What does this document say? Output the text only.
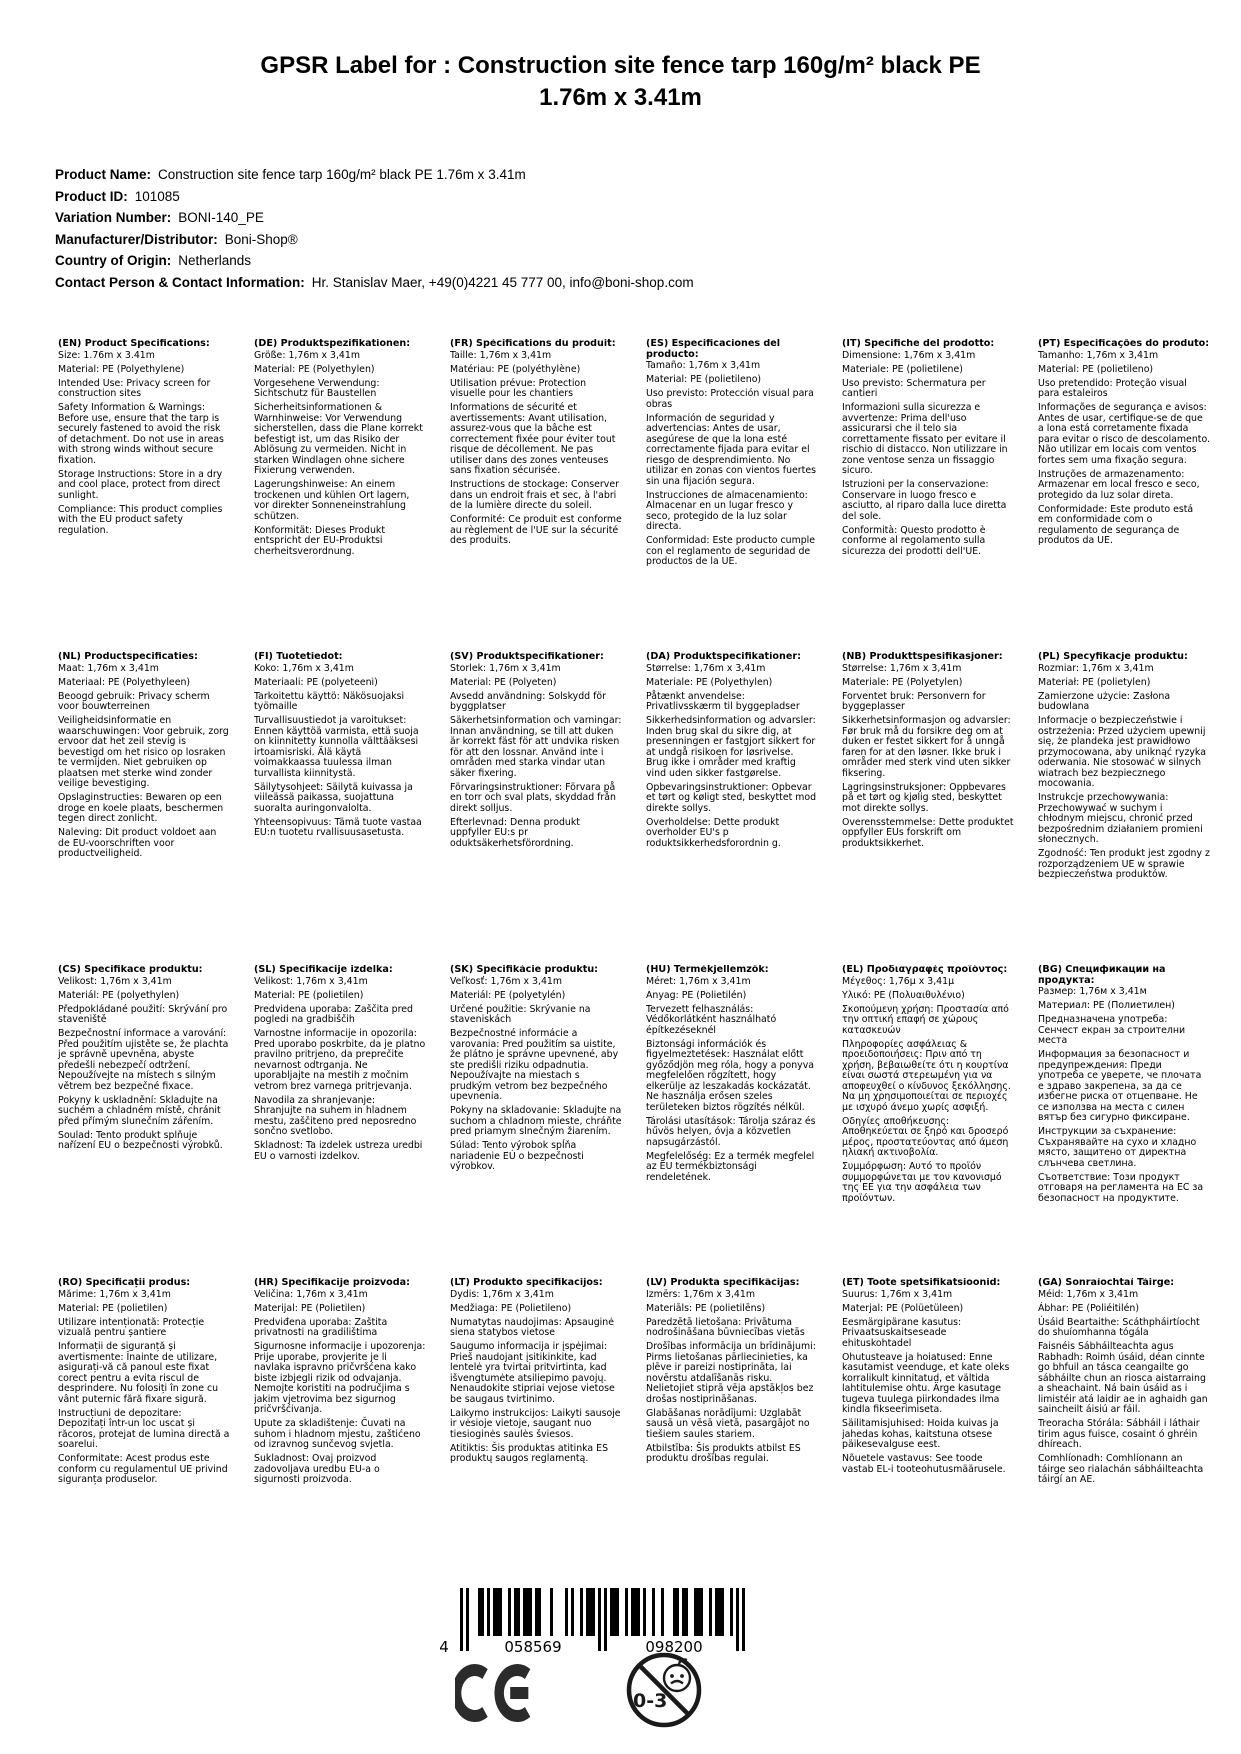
GPSR Label for : Construction site fence tarp 160g/m² black PE
1.76m x 3.41m
Product Name: Construction site fence tarp 160g/m² black PE 1.76m x 3.41m
Product ID: 101085
Variation Number: BONI-140_PE
Manufacturer/Distributor: Boni-Shop®
Country of Origin: Netherlands
Contact Person & Contact Information: Hr. Stanislav Maer, +49(0)4221 45 777 00, info@boni-shop.com

(EN) Product Specifications:

Size: 1.76m x 3.41m

Material: PE (Polyethylene)

Intended Use: Privacy screen for construction sites

Safety Information & Warnings: Before use, ensure that the tarp is securely fastened to avoid the risk of detachment. Do not use in areas with strong winds without secure fixation.

Storage Instructions: Store in a dry and cool place, protect from direct sunlight.

Compliance: This product complies with the EU product safety regulation.

(DE) Produktspezifikationen:

Größe: 1,76m x 3,41m

Material: PE (Polyethylen)

Vorgesehene Verwendung: Sichtschutz für Baustellen

Sicherheitsinformationen & Warnhinweise: Vor Verwendung sicherstellen, dass die Plane korrekt befestigt ist, um das Risiko der Ablösung zu vermeiden. Nicht in starken Windlagen ohne sichere Fixierung verwenden.

Lagerungshinweise: An einem trockenen und kühlen Ort lagern, vor direkter Sonneneinstrahlung schützen.

Konformität: Dieses Produkt entspricht der EU-Produktsi cherheitsverordnung.

(FR) Spécifications du produit:

Taille: 1,76m x 3,41m

Matériau: PE (polyéthylène)

Utilisation prévue: Protection visuelle pour les chantiers

Informations de sécurité et avertissements: Avant utilisation, assurez-vous que la bâche est correctement fixée pour éviter tout risque de décollement. Ne pas utiliser dans des zones venteuses sans fixation sécurisée.

Instructions de stockage: Conserver dans un endroit frais et sec, à l'abri de la lumière directe du soleil.

Conformité: Ce produit est conforme au règlement de l'UE sur la sécurité des produits.

(ES) Especificaciones del producto:

Tamaño: 1,76m x 3,41m

Material: PE (polietileno)

Uso previsto: Protección visual para obras

Información de seguridad y advertencias: Antes de usar, asegúrese de que la lona esté correctamente fijada para evitar el riesgo de desprendimiento. No utilizar en zonas con vientos fuertes sin una fijación segura.

Instrucciones de almacenamiento: Almacenar en un lugar fresco y seco, protegido de la luz solar directa.

Conformidad: Este producto cumple con el reglamento de seguridad de productos de la UE.

(IT) Specifiche del prodotto:

Dimensione: 1,76m x 3,41m

Materiale: PE (polietilene)

Uso previsto: Schermatura per cantieri

Informazioni sulla sicurezza e avvertenze: Prima dell'uso assicurarsi che il telo sia correttamente fissato per evitare il rischio di distacco. Non utilizzare in zone ventose senza un fissaggio sicuro.

Istruzioni per la conservazione: Conservare in luogo fresco e asciutto, al riparo dalla luce diretta del sole.

Conformità: Questo prodotto è conforme al regolamento sulla sicurezza dei prodotti dell'UE.

(PT) Especificações do produto:

Tamanho: 1,76m x 3,41m

Material: PE (polietileno)

Uso pretendido: Proteção visual para estaleiros

Informações de segurança e avisos: Antes de usar, certifique-se de que a lona está corretamente fixada para evitar o risco de descolamento. Não utilizar em locais com ventos fortes sem uma fixação segura.

Instruções de armazenamento: Armazenar em local fresco e seco, protegido da luz solar direta.

Conformidade: Este produto está em conformidade com o regulamento de segurança de produtos da UE.

(NL) Productspecificaties:

Maat: 1,76m x 3,41m

Materiaal: PE (Polyethyleen)

Beoogd gebruik: Privacy scherm voor bouwterreinen

Veiligheidsinformatie en waarschuwingen: Voor gebruik, zorg ervoor dat het zeil stevig is bevestigd om het risico op losraken te vermijden. Niet gebruiken op plaatsen met sterke wind zonder veilige bevestiging.

Opslaginstructies: Bewaren op een droge en koele plaats, beschermen tegen direct zonlicht.

Naleving: Dit product voldoet aan de EU-voorschriften voor productveiligheid.

(FI) Tuotetiedot:

Koko: 1,76m x 3,41m

Materiaali: PE (polyeteeni)

Tarkoitettu käyttö: Näkösuojaksi työmaille

Turvallisuustiedot ja varoitukset: Ennen käyttöä varmista, että suoja on kiinnitetty kunnolla välttääksesi irtoamisriski. Älä käytä voimakkaassa tuulessa ilman turvallista kiinnitystä.

Säilytysohjeet: Säilytä kuivassa ja viileässä paikassa, suojattuna suoralta auringonvalolta.

Yhteensopivuus: Tämä tuote vastaa EU:n tuotetu rvallisuusasetusta.

(SV) Produktspecifikationer:

Storlek: 1,76m x 3,41m

Material: PE (Polyeten)

Avsedd användning: Solskydd för byggplatser

Säkerhetsinformation och varningar: Innan användning, se till att duken är korrekt fäst för att undvika risken för att den lossnar. Använd inte i områden med starka vindar utan säker fixering.

Förvaringsinstruktioner: Förvara på en torr och sval plats, skyddad från direkt solljus.

Efterlevnad: Denna produkt uppfyller EU:s pr oduktsäkerhetsförordning.

(DA) Produktspecifikationer:

Størrelse: 1,76m x 3,41m

Materiale: PE (Polyethylen)

Påtænkt anvendelse: Privatlivsskærm til byggepladser

Sikkerhedsinformation og advarsler: Inden brug skal du sikre dig, at presenningen er fastgjort sikkert for at undgå risikoen for løsrivelse. Brug ikke i områder med kraftig vind uden sikker fastgørelse.

Opbevaringsinstruktioner: Opbevar et tørt og køligt sted, beskyttet mod direkte sollys.

Overholdelse: Dette produkt overholder EU's p roduktsikkerhedsforordnin g.

(NB) Produkttspesifikasjoner:

Størrelse: 1,76m x 3,41m

Materiale: PE (Polyetylen)

Forventet bruk: Personvern for byggeplasser

Sikkerhetsinformasjon og advarsler: Før bruk må du forsikre deg om at duken er festet sikkert for å unngå faren for at den løsner. Ikke bruk i områder med sterk vind uten sikker fiksering.

Lagringsinstruksjoner: Oppbevares på et tørt og kjølig sted, beskyttet mot direkte sollys.

Overensstemmelse: Dette produktet oppfyller EUs forskrift om produktsikkerhet.

(PL) Specyfikacje produktu:

Rozmiar: 1,76m x 3,41m

Materiał: PE (polietylen)

Zamierzone użycie: Zasłona budowlana

Informacje o bezpieczeństwie i ostrzeżenia: Przed użyciem upewnij się, że plandeka jest prawidłowo przymocowana, aby uniknąć ryzyka oderwania. Nie stosować w silnych wiatrach bez bezpiecznego mocowania.

Instrukcje przechowywania: Przechowywać w suchym i chłodnym miejscu, chronić przed bezpośrednim działaniem promieni słonecznych.

Zgodność: Ten produkt jest zgodny z rozporządzeniem UE w sprawie bezpieczeństwa produktów.

(CS) Specifikace produktu:

Velikost: 1,76m x 3,41m

Materiál: PE (polyethylen)

Předpokládané použití: Skrývání pro staveniště

Bezpečnostní informace a varování: Před použitím ujistěte se, že plachta je správně upevněna, abyste předešli nebezpečí odtržení. Nepoužívejte na místech s silným větrem bez bezpečné fixace.

Pokyny k uskladnění: Skladujte na suchém a chladném místě, chránit před přímým slunečním zářením.

Soulad: Tento produkt splňuje nařízení EU o bezpečnosti výrobků.

(SL) Specifikacije izdelka:

Velikost: 1,76m x 3,41m

Material: PE (polietilen)

Predvidena uporaba: Zaščita pred pogledi na gradbiščih

Varnostne informacije in opozorila: Pred uporabo poskrbite, da je platno pravilno pritrjeno, da preprečite nevarnost odtrganja. Ne uporabljajte na mestih z močnim vetrom brez varnega pritrjevanja.

Navodila za shranjevanje: Shranjujte na suhem in hladnem mestu, zaščiteno pred neposredno sončno svetlobo.

Skladnost: Ta izdelek ustreza uredbi EU o varnosti izdelkov.

(SK) Špecifikácie produktu:

Veľkosť: 1,76m x 3,41m

Materiál: PE (polyetylén)

Určené použitie: Skrývanie na staveniskách

Bezpečnostné informácie a varovania: Pred použitím sa uistite, že plátno je správne upevnené, aby ste predišli riziku odpadnutia. Nepoužívajte na miestach s prudkým vetrom bez bezpečného upevnenia.

Pokyny na skladovanie: Skladujte na suchom a chladnom mieste, chráňte pred priamym slnečným žiarením.

Súlad: Tento výrobok spĺňa nariadenie EÚ o bezpečnosti výrobkov.

(HU) Termékjellemzők:

Méret: 1,76m x 3,41m

Anyag: PE (Polietilén)

Tervezett felhasználás: Védőkorlátként használható építkezéseknél

Biztonsági információk és figyelmeztetések: Használat előtt győződjön meg róla, hogy a ponyva megfelelően rögzített, hogy elkerülje az leszakadás kockázatát. Ne használja erősen szeles területeken biztos rögzítés nélkül.

Tárolási utasítások: Tárolja száraz és hűvös helyen, óvja a közvetlen napsugárzástól.

Megfelelőség: Ez a termék megfelel az EU termékbiztonsági rendeletének.

(EL) Προδιαγραφές προϊόντος:

Μέγεθος: 1,76μ x 3,41μ

Υλικό: PE (Πολυαιθυλένιο)

Σκοπούμενη χρήση: Προστασία από την οπτική επαφή σε χώρους κατασκευών

Πληροφορίες ασφάλειας & προειδοποιήσεις: Πριν από τη χρήση, βεβαιωθείτε ότι η κουρτίνα είναι σωστά στερεωμένη για να αποφευχθεί ο κίνδυνος ξεκόλλησης. Να μη χρησιμοποιείται σε περιοχές με ισχυρό άνεμο χωρίς ασφιξή.

Οδηγίες αποθήκευσης: Αποθηκεύεται σε ξηρό και δροσερό μέρος, προστατεύοντας από άμεση ηλιακή ακτινοβολία.

Συμμόρφωση: Αυτό το προϊόν συμμορφώνεται με τον κανονισμό της ΕΕ για την ασφάλεια των προϊόντων.

(BG) Спецификации на продукта:

Размер: 1,76м x 3,41м

Материал: PE (Полиетилен)

Предназначена употреба: Сенчест екран за строителни места

Информация за безопасност и предупреждения: Преди употреба се уверете, че плочата е здраво закрепена, за да се избегне риска от отцепване. Не се използва на места с силен вятър без сигурно фиксиране.

Инструкции за съхранение: Съхранявайте на сухо и хладно място, защитено от директна слънчева светлина.

Съответствие: Този продукт отговаря на регламента на ЕС за безопасност на продуктите.

(RO) Specificații produs:

Mărime: 1,76m x 3,41m

Material: PE (polietilen)

Utilizare intenționată: Protecție vizuală pentru șantiere

Informații de siguranță și avertismente: Înainte de utilizare, asigurați-vă că panoul este fixat corect pentru a evita riscul de desprindere. Nu folosiți în zone cu vânt puternic fără fixare sigură.

Instrucțiuni de depozitare: Depozitați într-un loc uscat și răcoros, protejat de lumina directă a soarelui.

Conformitate: Acest produs este conform cu regulamentul UE privind siguranța produselor.

(HR) Specifikacije proizvoda:

Veličina: 1,76m x 3,41m

Materijal: PE (Polietilen)

Predviđena uporaba: Zaštita privatnosti na gradilištima

Sigurnosne informacije i upozorenja: Prije uporabe, provjerite je li navlaka ispravno pričvršćena kako biste izbjegli rizik od odvajanja. Nemojte koristiti na područjima s jakim vjetrovima bez sigurnog pričvršćivanja.

Upute za skladištenje: Čuvati na suhom i hladnom mjestu, zaštićeno od izravnog sunčevog svjetla.

Sukladnost: Ovaj proizvod zadovoljava uredbu EU-a o sigurnosti proizvoda.

(LT) Produkto specifikacijos:

Dydis: 1,76m x 3,41m

Medžiaga: PE (Polietileno)

Numatytas naudojimas: Apsauginė siena statybos vietose

Saugumo informacija ir įspėjimai: Prieš naudojant įsitikinkite, kad lentelė yra tvirtai pritvirtinta, kad išvengtumėte atsiliepimo pavojų. Nenaudokite stipriai vejose vietose be saugaus tvirtinimo.

Laikymo instrukcijos: Laikyti sausoje ir vėsioje vietoje, saugant nuo tiesioginės saulės šviesos.

Atitiktis: Šis produktas atitinka ES produktų saugos reglamentą.

(LV) Produkta specifikācijas:

Izmērs: 1,76m x 3,41m

Materiāls: PE (polietilēns)

Paredzētā lietošana: Privātuma nodrošināšana būvniecības vietās

Drošības informācija un brīdinājumi: Pirms lietošanas pārliecinieties, ka plēve ir pareizi nostiprināta, lai novērstu atdalīšanās risku. Nelietojiet stiprā vēja apstākļos bez drošas nostiprināšanas.

Glabāšanas norādījumi: Uzglabāt sausā un vēsā vietā, pasargājot no tiešiem saules stariem.

Atbilstība: Šis produkts atbilst ES produktu drošības regulai.

(ET) Toote spetsifikatsioonid:

Suurus: 1,76m x 3,41m

Materjal: PE (Polüetüleen)

Eesmärgipärane kasutus: Privaatsuskaitseseade ehituskohtadel

Ohutusteave ja hoiatused: Enne kasutamist veenduge, et kate oleks korralikult kinnitatud, et vältida lahtitulemise ohtu. Ärge kasutage tugeva tuulega piirkondades ilma kindla fikseerimiseta.

Säilitamisjuhised: Hoida kuivas ja jahedas kohas, kaitstuna otsese päikesevalguse eest.

Nõuetele vastavus: See toode vastab EL-i tooteohutusmäärusele.

(GA) Sonraíochtaí Táirge:

Méid: 1,76m x 3,41m

Ábhar: PE (Poliéitilén)

Úsáid Beartaithe: Scáthpháirtíocht do shuíomhanna tógála

Faisnéis Sábháilteachta agus Rabhadh: Roimh úsáid, déan cinnte go bhfuil an tásca ceangailte go sábháilte chun an riosca aistarraing a sheachaint. Ná bain úsáid as i limistéir atá laidir ae in aghaidh gan saincheilt áisiú ar fáil.

Treoracha Stórála: Sábháil i láthair tirim agus fuisce, cosaint ó ghréin dhíreach.

Comhlíonadh: Comhlíonann an táirge seo rialachán sábháilteachta táirgí an AE.

4	058569	098200
0-3
